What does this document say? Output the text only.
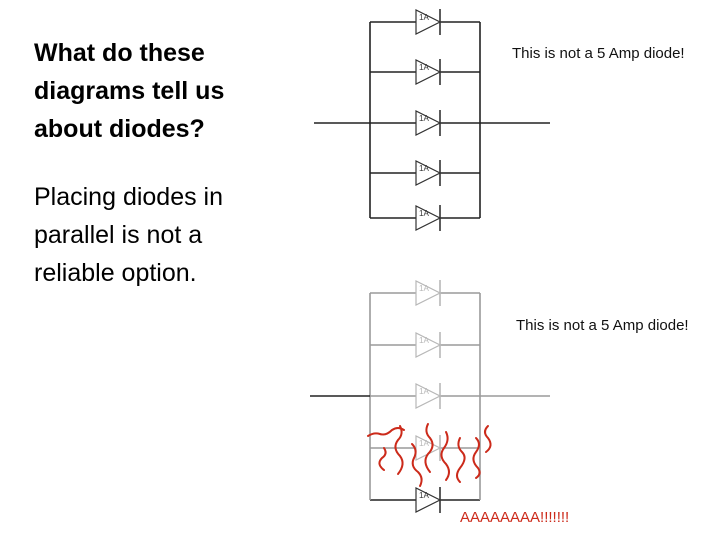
What do these
diagrams tell us
about diodes?

Placing diodes in
parallel is not a
reliable option.

1A
1A
1A
1A
1A
This is not a 5 Amp diode!
1A
1A
1A
1A
1A
This is not a 5 Amp diode!
AAAAAAAA!!!!!!!
